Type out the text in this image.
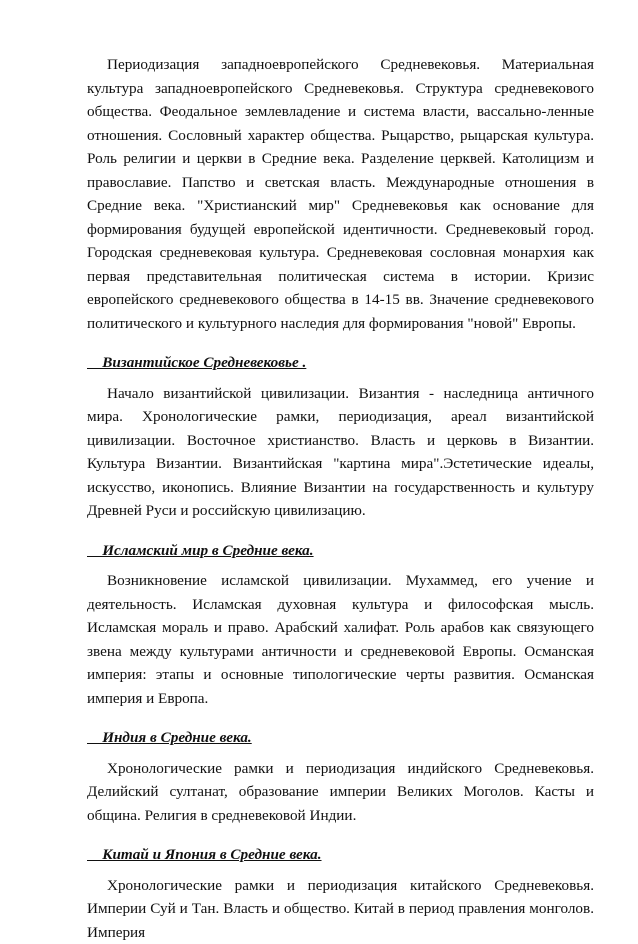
Периодизация западноевропейского Средневековья. Материальная культура западноевропейского Средневековья. Структура средневекового общества. Феодальное землевладение и система власти, вассально-ленные отношения. Сословный характер общества. Рыцарство, рыцарская культура. Роль религии и церкви в Средние века. Разделение церквей. Католицизм и православие. Папство и светская власть. Международные отношения в Средние века. "Христианский мир" Средневековья как основание для формирования будущей европейской идентичности. Средневековый город. Городская средневековая культура. Средневековая сословная монархия как первая представительная политическая система в истории. Кризис европейского средневекового общества в 14-15 вв. Значение средневекового политического и культурного наследия для формирования "новой" Европы.

Византийское Средневековье .

Начало византийской цивилизации. Византия - наследница античного мира. Хронологические рамки, периодизация, ареал византийской цивилизации. Восточное христианство. Власть и церковь в Византии. Культура Византии. Византийская "картина мира".Эстетические идеалы, искусство, иконопись. Влияние Византии на государственность и культуру Древней Руси и российскую цивилизацию.

Исламский мир в Средние века.

Возникновение исламской цивилизации. Мухаммед, его учение и деятельность. Исламская духовная культура и философская мысль. Исламская мораль и право. Арабский халифат. Роль арабов как связующего звена между культурами античности и средневековой Европы. Османская империя: этапы и основные типологические черты развития. Османская империя и Европа.

Индия в Средние века.

Хронологические рамки и периодизация индийского Средневековья. Делийский султанат, образование империи Великих Моголов. Касты и община. Религия в средневековой Индии.

Китай и Япония в Средние века.

Хронологические рамки и периодизация китайского Средневековья. Империи Суй и Тан. Власть и общество. Китай в период правления монголов. Империя
